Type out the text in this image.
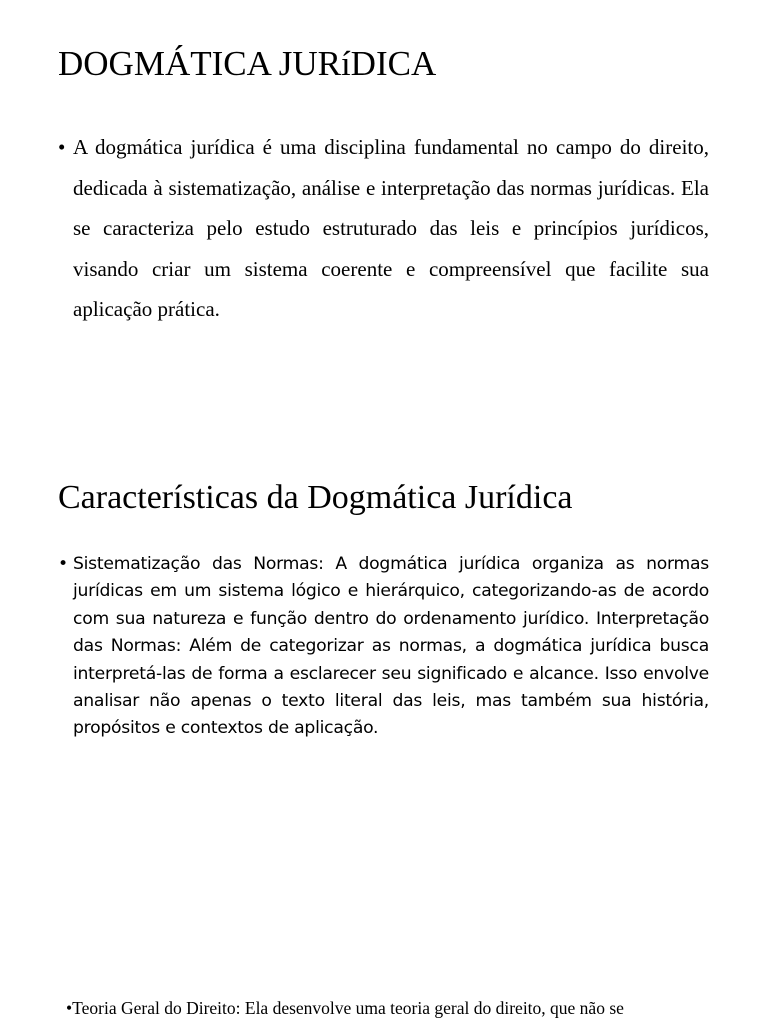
DOGMÁTICA JURíDICA
• A dogmática jurídica é uma disciplina fundamental no campo do direito, dedicada à sistematização, análise e interpretação das normas jurídicas. Ela se caracteriza pelo estudo estruturado das leis e princípios jurídicos, visando criar um sistema coerente e compreensível que facilite sua aplicação prática.

Características da Dogmática Jurídica
• Sistematização das Normas: A dogmática jurídica organiza as normas jurídicas em um sistema lógico e hierárquico, categorizando-as de acordo com sua natureza e função dentro do ordenamento jurídico. Interpretação das Normas: Além de categorizar as normas, a dogmática jurídica busca interpretá-las de forma a esclarecer seu significado e alcance. Isso envolve analisar não apenas o texto literal das leis, mas também sua história, propósitos e contextos de aplicação.

•Teoria Geral do Direito: Ela desenvolve uma teoria geral do direito, que não se
